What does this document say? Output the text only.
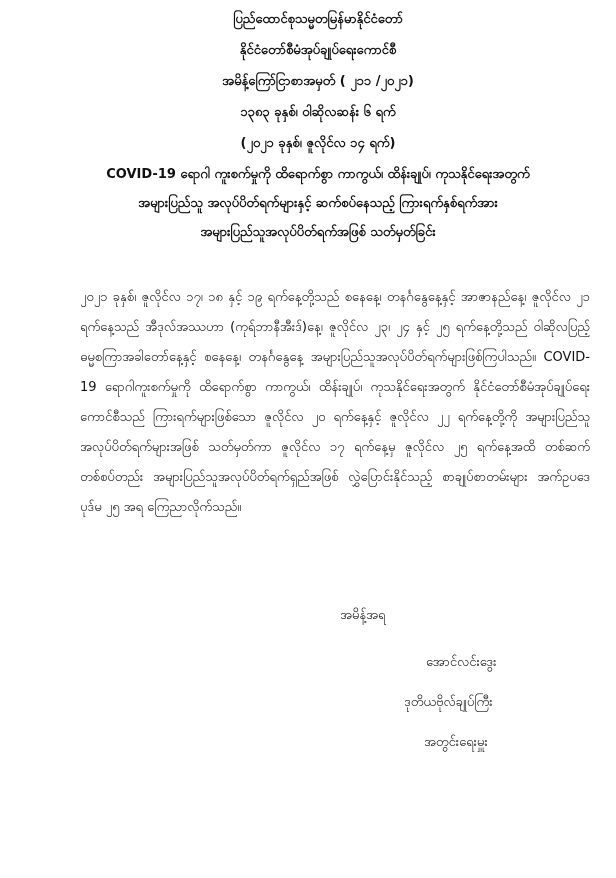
ပြည်ထောင်စုသမ္မတမြန်မာနိုင်ငံတော်
နိုင်ငံတော်စီမံအုပ်ချုပ်ရေးကောင်စီ
အမိန့်ကြော်ငြာစာအမှတ် ( ၂၁၁ /၂၀၂၁)
၁၃၈၃ ခုနှစ်၊ ဝါဆိုလဆန်း ၆ ရက်
(၂၀၂၁ ခုနှစ်၊ ဇူလိုင်လ ၁၄ ရက်)
COVID-19 ရောဂါ ကူးစက်မှုကို ထိရောက်စွာ ကာကွယ်၊ ထိန်းချုပ်၊ ကုသနိုင်ရေးအတွက်
အများပြည်သူ အလုပ်ပိတ်ရက်များနှင့် ဆက်စပ်နေသည့် ကြားရက်နှစ်ရက်အား
အများပြည်သူအလုပ်ပိတ်ရက်အဖြစ် သတ်မှတ်ခြင်း

၂၀၂၁ ခုနှစ်၊ ဇူလိုင်လ ၁၇၊ ၁၈ နှင့် ၁၉ ရက်နေ့တို့သည် စနေနေ့၊ တနင်္ဂနွေနေ့နှင့် အာဇာနည်နေ့၊ ဇူလိုင်လ ၂၁ ရက်နေ့သည် အီဒုလ်အဿဟာ (ကုရ်ဘာနီအီး‌ဒ်)နေ့၊ ဇူလိုင်လ ၂၃၊ ၂၄ နှင့် ၂၅ ရက်နေ့တို့သည် ဝါဆိုလပြည့် ဓမ္မစကြာအခါတော်နေ့နှင့် စနေနေ့၊ တနင်္ဂနွေနေ့ အများပြည်သူအလုပ်ပိတ်ရက်များဖြစ်ကြပါသည်။ COVID-19 ရောဂါကူးစက်မှုကို ထိရောက်စွာ ကာကွယ်၊ ထိန်းချုပ်၊ ကုသနိုင်ရေးအတွက် နိုင်ငံတော်စီမံအုပ်ချုပ်ရေးကောင်စီသည် ကြားရက်များဖြစ်သော ဇူလိုင်လ ၂၀ ရက်နေ့နှင့် ဇူလိုင်လ ၂၂ ရက်နေ့တို့ကို အများပြည်သူအလုပ်ပိတ်ရက်များအဖြစ် သတ်မှတ်ကာ ဇူလိုင်လ ၁၇ ရက်နေ့မှ ဇူလိုင်လ ၂၅ ရက်နေ့အထိ တစ်ဆက်တစ်စပ်တည်း အများပြည်သူအလုပ်ပိတ်ရက်ရှည်အဖြစ် လွှဲပြောင်းနိုင်သည့် စာချုပ်စာတမ်းများ အက်ဥပဒေ ပုဒ်မ ၂၅ အရ ကြေညာလိုက်သည်။

အမိန့်အရ
အောင်လင်းဒွေး
ဒုတိယဗိုလ်ချုပ်ကြီး
အတွင်းရေးမှူး
